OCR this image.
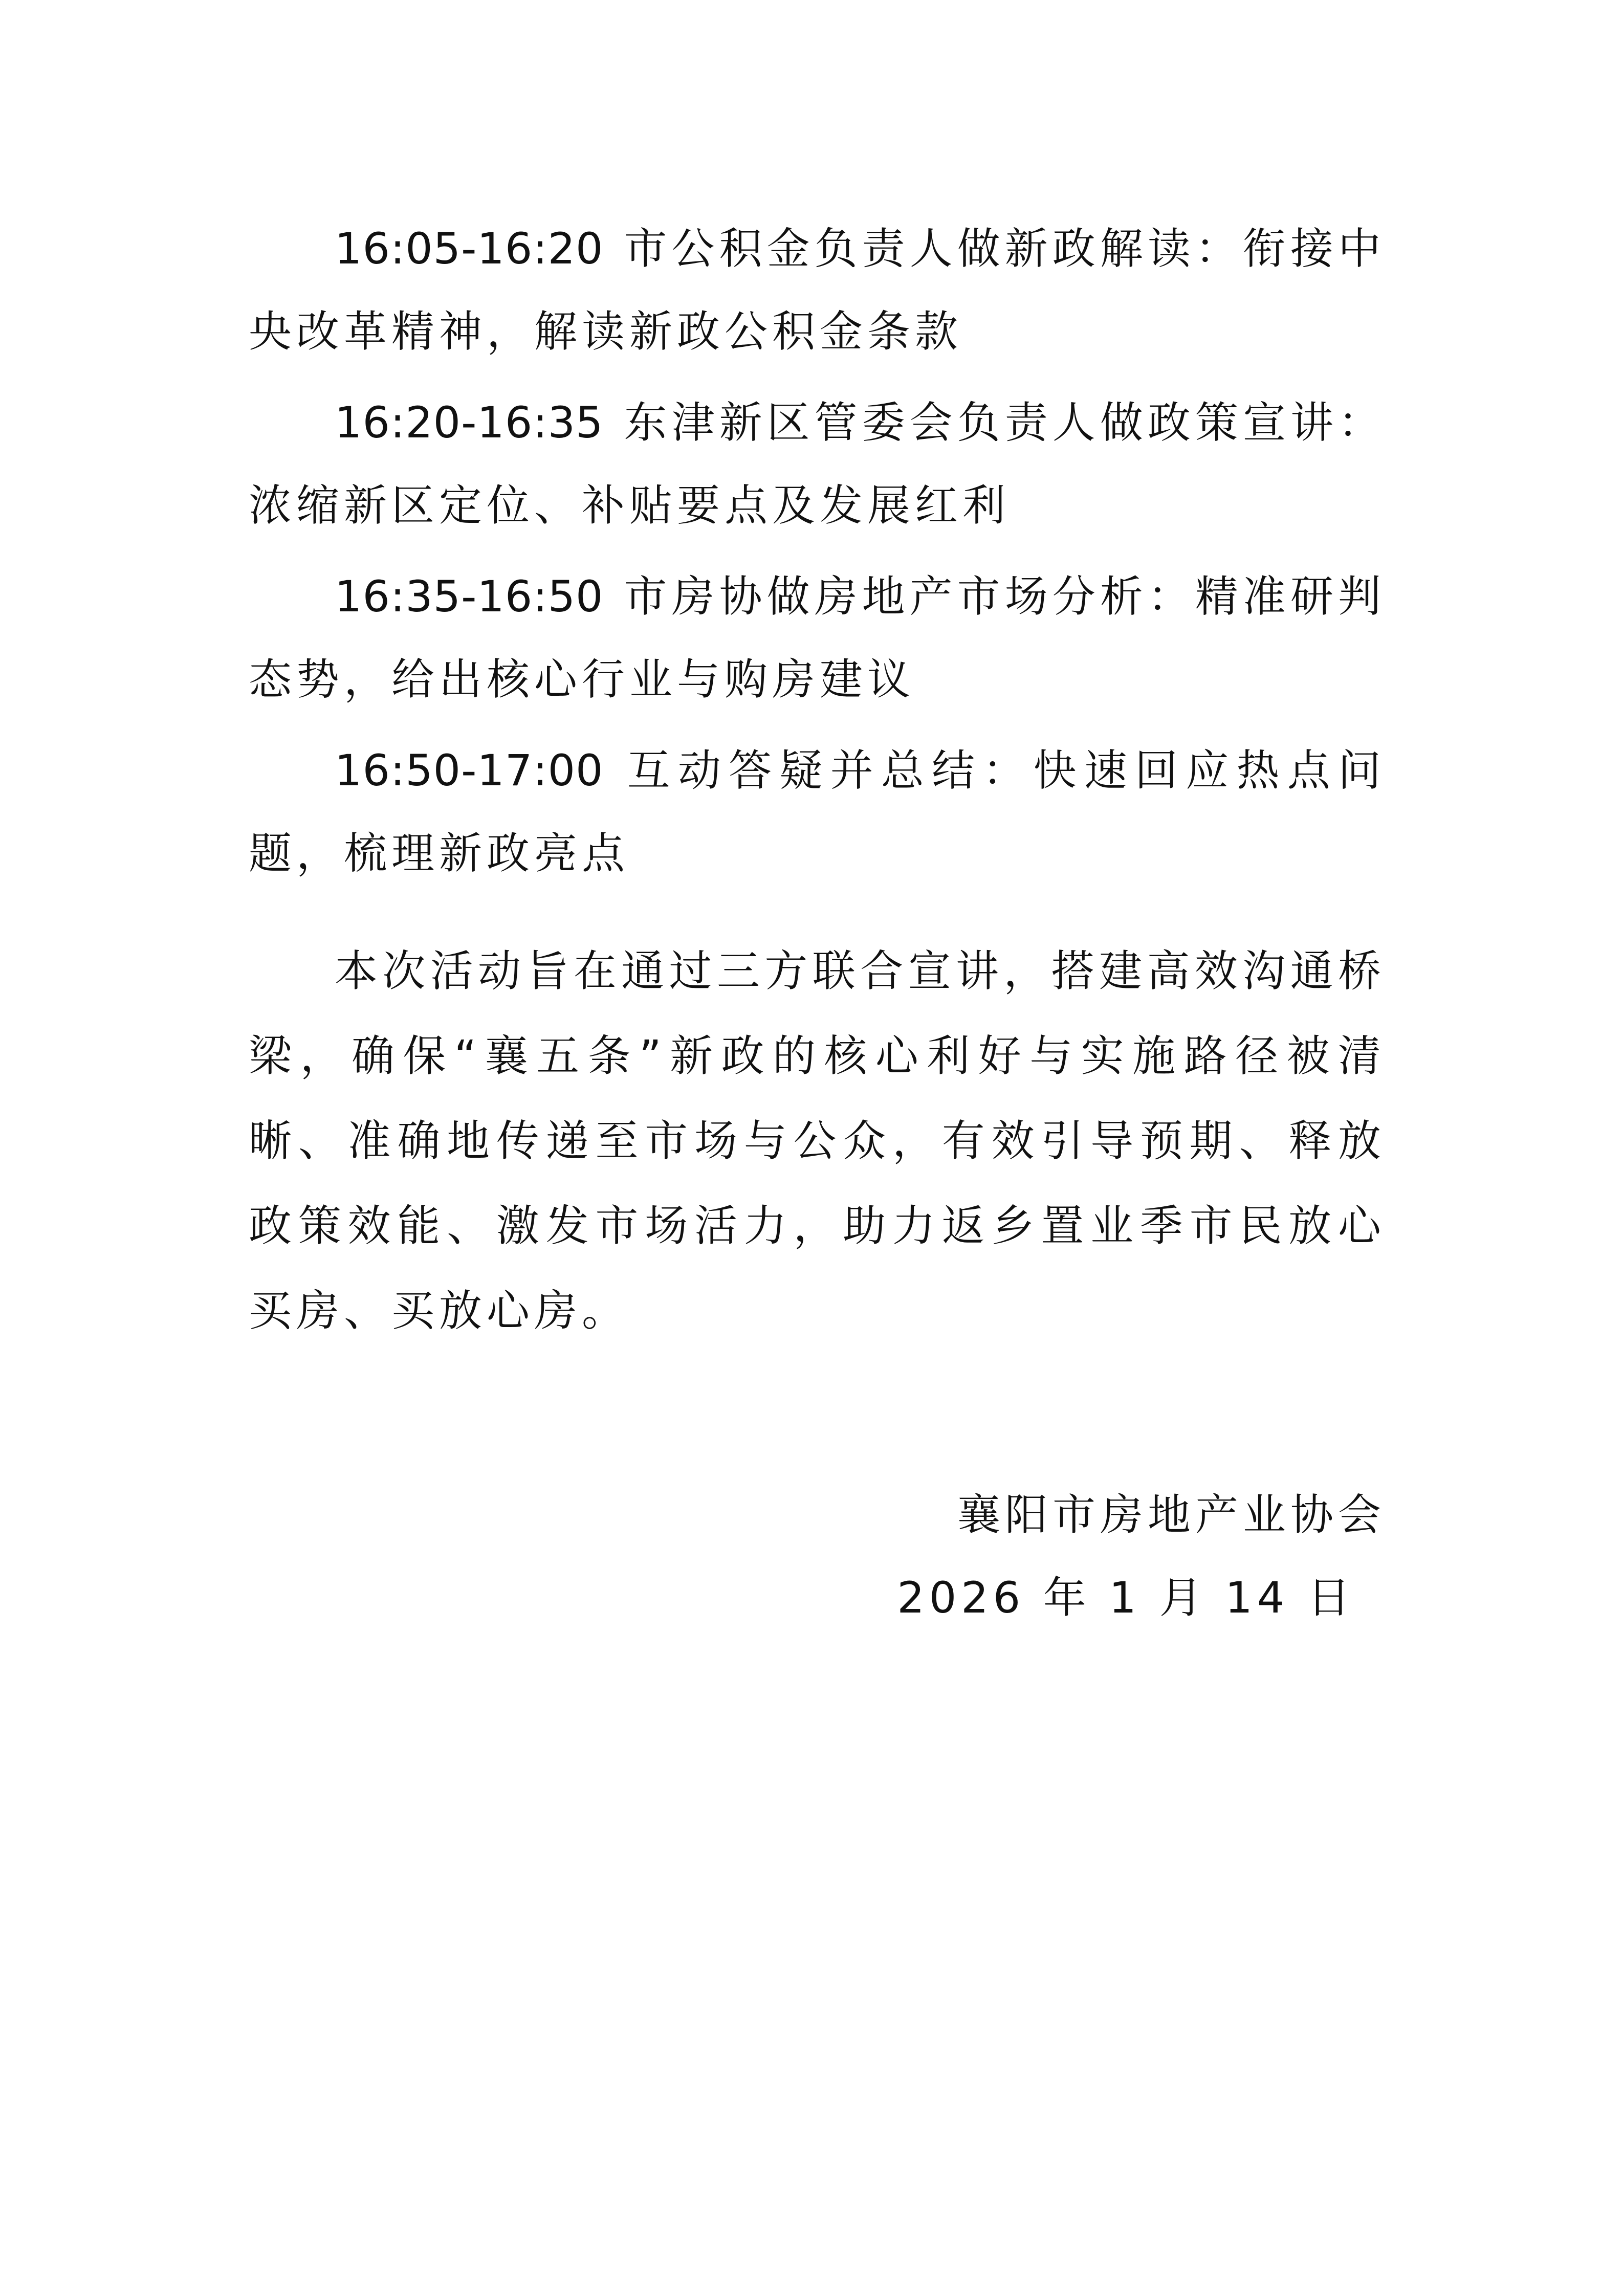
16:05-16:20 市公积金负责人做新政解读：衔接中央改革精神，解读新政公积金条款

16:20-16:35 东津新区管委会负责人做政策宣讲：浓缩新区定位、补贴要点及发展红利

16:35-16:50 市房协做房地产市场分析：精准研判态势，给出核心行业与购房建议

16:50-17:00 互动答疑并总结：快速回应热点问题，梳理新政亮点

本次活动旨在通过三方联合宣讲，搭建高效沟通桥梁，确保“襄五条”新政的核心利好与实施路径被清晰、准确地传递至市场与公众，有效引导预期、释放政策效能、激发市场活力，助力返乡置业季市民放心买房、买放心房。

襄阳市房地产业协会
2026 年 1 月 14 日
